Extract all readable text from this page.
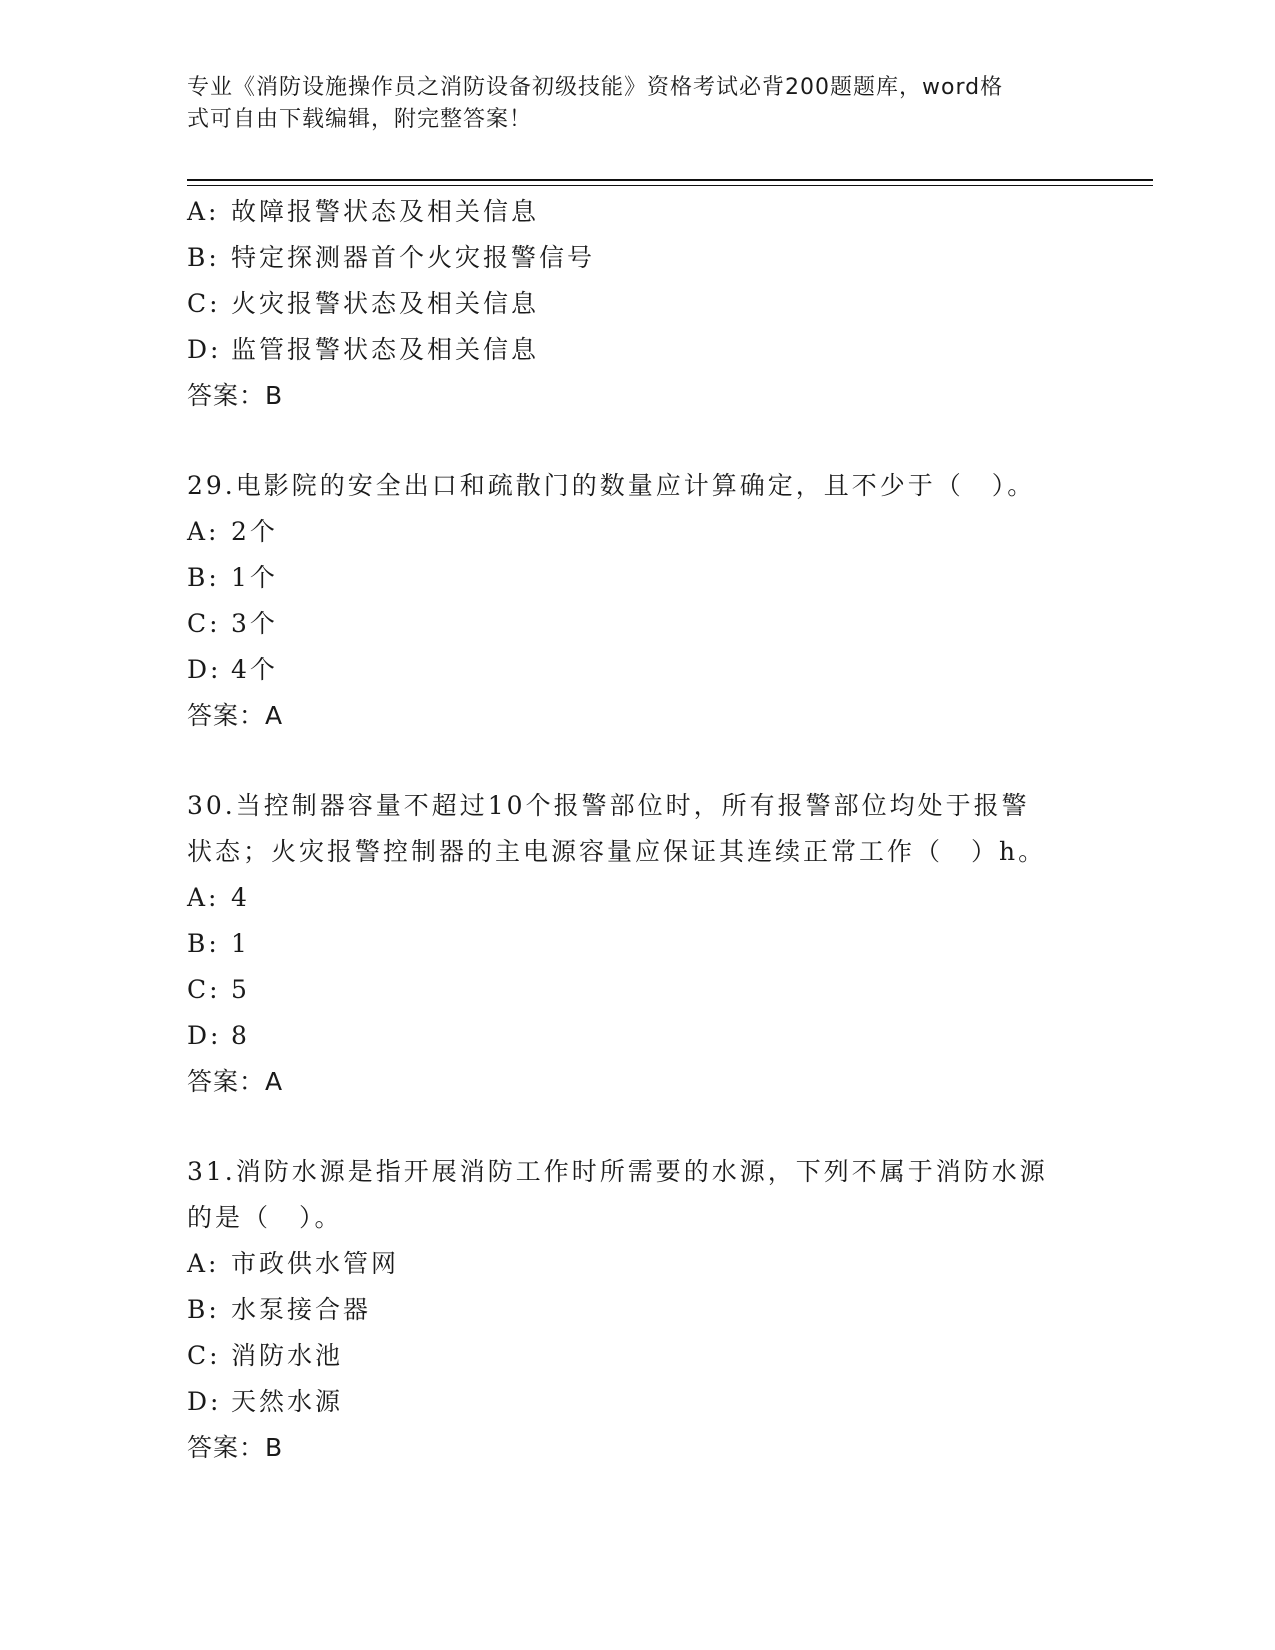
专业《消防设施操作员之消防设备初级技能》资格考试必背200题题库，word格
式可自由下载编辑，附完整答案！
A: 故障报警状态及相关信息
B: 特定探测器首个火灾报警信号
C: 火灾报警状态及相关信息
D: 监管报警状态及相关信息
答案：B
29.电影院的安全出口和疏散门的数量应计算确定，且不少于（　）。
A: 2个
B: 1个
C: 3个
D: 4个
答案：A
30.当控制器容量不超过10个报警部位时，所有报警部位均处于报警
状态；火灾报警控制器的主电源容量应保证其连续正常工作（　）h。
A: 4
B: 1
C: 5
D: 8
答案：A
31.消防水源是指开展消防工作时所需要的水源，下列不属于消防水源
的是（　）。
A: 市政供水管网
B: 水泵接合器
C: 消防水池
D: 天然水源
答案：B
